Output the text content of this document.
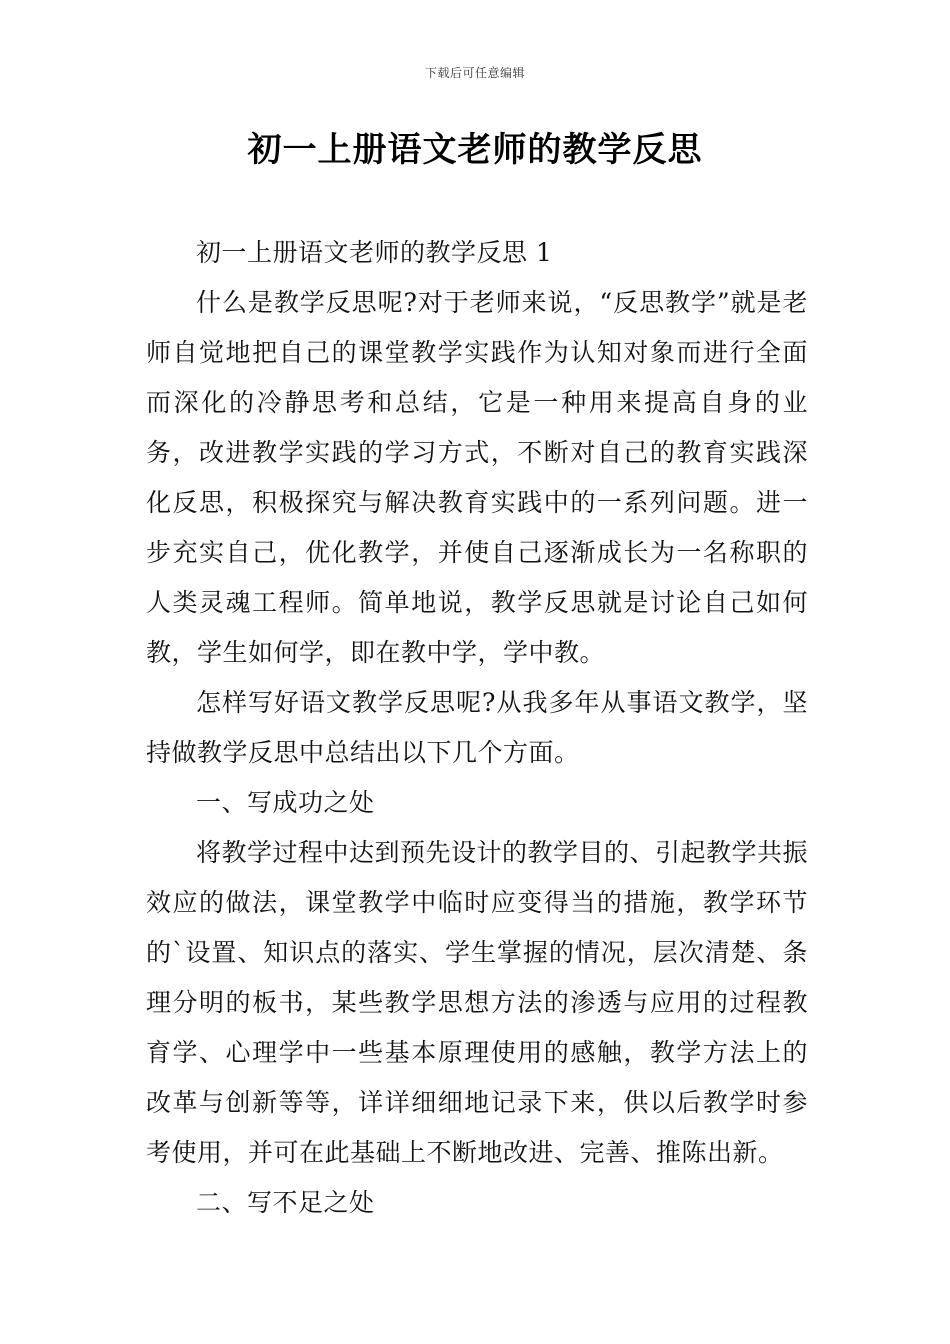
下载后可任意编辑
初一上册语文老师的教学反思

初一上册语文老师的教学反思 1

什么是教学反思呢?对于老师来说，“反思教学”就是老师自觉地把自己的课堂教学实践作为认知对象而进行全面而深化的冷静思考和总结，它是一种用来提高自身的业务，改进教学实践的学习方式，不断对自己的教育实践深化反思，积极探究与解决教育实践中的一系列问题。进一步充实自己，优化教学，并使自己逐渐成长为一名称职的人类灵魂工程师。简单地说，教学反思就是讨论自己如何教，学生如何学，即在教中学，学中教。

怎样写好语文教学反思呢?从我多年从事语文教学，坚持做教学反思中总结出以下几个方面。

一、写成功之处

将教学过程中达到预先设计的教学目的、引起教学共振效应的做法，课堂教学中临时应变得当的措施，教学环节的`设置、知识点的落实、学生掌握的情况，层次清楚、条理分明的板书，某些教学思想方法的渗透与应用的过程教育学、心理学中一些基本原理使用的感触，教学方法上的改革与创新等等，详详细细地记录下来，供以后教学时参考使用，并可在此基础上不断地改进、完善、推陈出新。

二、写不足之处
